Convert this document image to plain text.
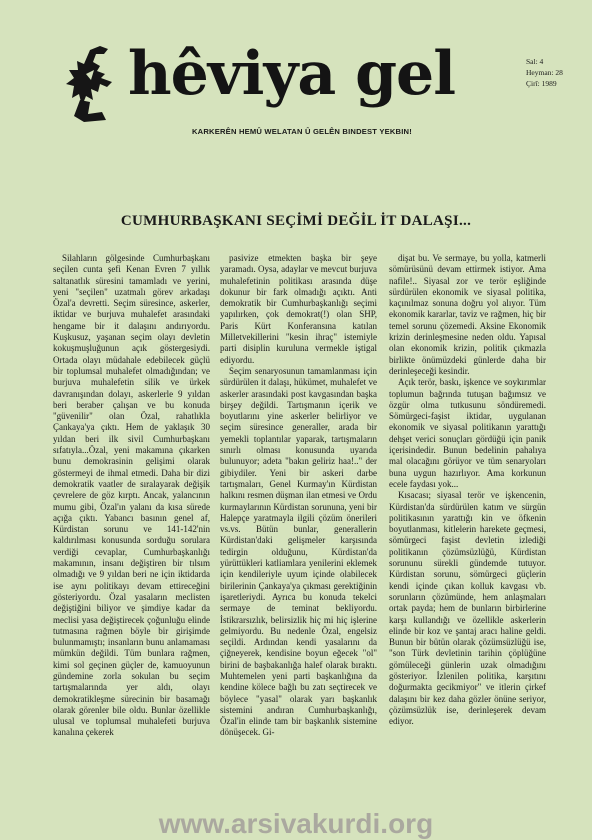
hêviya gel	Sal: 4
Heyman: 28
Çirî: 1989
KARKERÊN HEMÛ WELATAN Û GELÊN BINDEST YEKBIN!
CUMHURBAŞKANI SEÇİMİ DEĞİL İT DALAŞI...

Silahların gölgesinde Cumhurbaşkanı seçilen cunta şefi Kenan Evren 7 yıllık saltanatlık süresini tamamladı ve yerini, yeni "seçilen" uzatmalı görev arkadaşı Özal'a devretti. Seçim süresince, askerler, iktidar ve burjuva muhalefet arasındaki hengame bir it dalaşını andırıyordu. Kuşkusuz, yaşanan seçim olayı devletin kokuşmuşluğunun açık göstergesiydi. Ortada olayı müdahale edebilecek güçlü bir toplumsal muhalefet olmadığından; ve burjuva muhalefetin silik ve ürkek davranışından dolayı, askerlerle 9 yıldan beri beraber çalışan ve bu konuda "güvenilir" olan Özal, rahatlıkla Çankaya'ya çıktı. Hem de yaklaşık 30 yıldan beri ilk sivil Cumhurbaşkanı sıfatıyla...Özal, yeni makamına çıkarken bunu demokrasinin gelişimi olarak göstermeyi de ihmal etmedi. Daha bir dizi demokratik vaatler de sıralayarak değişik çevrelere de göz kırptı. Ancak, yalancının mumu gibi, Özal'ın yalanı da kısa sürede açığa çıktı. Yabancı basının genel af, Kürdistan sorunu ve 141-142'nin kaldırılması konusunda sorduğu sorulara verdiği cevaplar, Cumhurbaşkanlığı makamının, insanı değiştiren bir tılsım olmadığı ve 9 yıldan beri ne için iktidarda ise aynı politikayı devam ettireceğini gösteriyordu. Özal yasaların meclisten değiştiğini biliyor ve şimdiye kadar da meclisi yasa değiştirecek çoğunluğu elinde tutmasına rağmen böyle bir girişimde bulunmamıştı; insanların bunu anlamaması mümkün değildi. Tüm bunlara rağmen, kimi sol geçinen güçler de, kamuoyunun gündemine zorla sokulan bu seçim tartışmalarında yer aldı, olayı demokratikleşme sürecinin bir basamağı olarak görenler bile oldu. Bunlar özellikle ulusal ve toplumsal muhalefeti burjuva kanalına çekerek

pasivize etmekten başka bir şeye yaramadı. Oysa, adaylar ve mevcut burjuva muhalefetinin politikası arasında düşe dokunur bir fark olmadığı açıktı. Anti demokratik bir Cumhurbaşkanlığı seçimi yapılırken, çok demokrat(!) olan SHP, Paris Kürt Konferansına katılan Milletvekillerini "kesin ihraç" istemiyle parti disiplin kuruluna vermekle iştigal ediyordu.

Seçim senaryosunun tamamlanması için sürdürülen it dalaşı, hükümet, muhalefet ve askerler arasındaki post kavgasından başka birşey değildi. Tartışmanın içerik ve boyutlarını yine askerler belirliyor ve seçim süresince generaller, arada bir yemekli toplantılar yaparak, tartışmaların sınırlı olması konusunda uyarıda bulunuyor; adeta "bakın geliriz haa!.." der gibiydiler. Yeni bir askeri darbe tartışmaları, Genel Kurmay'ın Kürdistan halkını resmen düşman ilan etmesi ve Ordu kurmaylarının Kürdistan sorununa, yeni bir Halepçe yaratmayla ilgili çözüm önerileri vs.vs. Bütün bunlar, generallerin Kürdistan'daki gelişmeler karşısında tedirgin olduğunu, Kürdistan'da yürüttükleri katliamlara yenilerini eklemek için kendileriyle uyum içinde olabilecek birilerinin Çankaya'ya çıkması gerektiğinin işaretleriydi. Ayrıca bu konuda tekelci sermaye de teminat bekliyordu. İstikrarsızlık, belirsizlik hiç mi hiç işlerine gelmiyordu. Bu nedenle Özal, engelsiz seçildi. Ardından kendi yasalarını da çiğneyerek, kendisine boyun eğecek "ol" birini de başbakanlığa halef olarak bıraktı. Muhtemelen yeni parti başkanlığına da kendine kölece bağlı bu zatı seçtirecek ve böylece "yasal" olarak yarı başkanlık sistemini andıran Cumhurbaşkanlığı, Özal'in elinde tam bir başkanlık sistemine dönüşecek. Gi-

dişat bu. Ve sermaye, bu yolla, katmerli sömürüsünü devam ettirmek istiyor. Ama nafile!.. Siyasal zor ve terör eşliğinde sürdürülen ekonomik ve siyasal politika, kaçınılmaz sonuna doğru yol alıyor. Tüm ekonomik kararlar, taviz ve rağmen, hiç bir temel sorunu çözemedi. Aksine Ekonomik krizin derinleşmesine neden oldu. Yapısal olan ekonomik krizin, politik çıkmazla birlikte önümüzdeki günlerde daha bir derinleşeceği kesindir.

Açık terör, baskı, işkence ve soykırımlar toplumun bağrında tutuşan bağımsız ve özgür olma tutkusunu söndüremedi. Sömürgeci-faşist iktidar, uygulanan ekonomik ve siyasal politikanın yarattığı dehşet verici sonuçları gördüğü için panik içerisindedir. Bunun bedelinin pahalıya mal olacağını görüyor ve tüm senaryoları buna uygun hazırlıyor. Ama korkunun ecele faydası yok...

Kısacası; siyasal terör ve işkencenin, Kürdistan'da sürdürülen katım ve sürgün politikasının yarattığı kin ve öfkenin boyutlanması, kitlelerin harekete geçmesi, sömürgeci faşist devletin izlediği politikanın çözümsüzlüğü, Kürdistan sorununu sürekli gündemde tutuyor. Kürdistan sorunu, sömürgeci güçlerin kendi içinde çıkan kolluk kavgası vb. sorunların çözümünde, hem anlaşmaları ortak payda; hem de bunların birbirlerine karşı kullandığı ve özellikle askerlerin elinde bir koz ve şantaj aracı haline geldi. Bunun bir bütün olarak çözümsüzlüğü ise, "son Türk devletinin tarihin çöplüğüne gömüleceği günlerin uzak olmadığını gösteriyor. İzlenilen politika, karşıtını doğurmakta gecikmiyor" ve itlerin çirkef dalaşını bir kez daha gözler önüne seriyor, çözümsüzlük ise, derinleşerek devam ediyor.

www.arsivakurdi.org
